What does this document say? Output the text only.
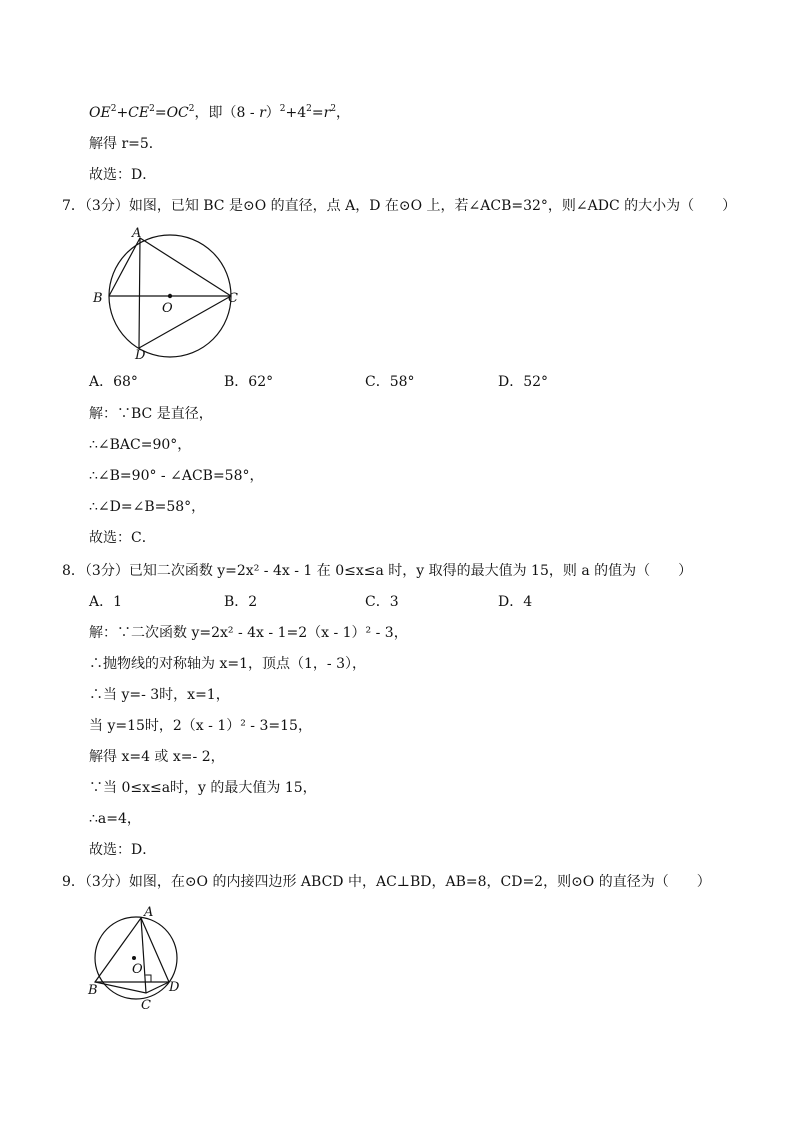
$OE^2+CE^2=OC^2$，即$(8 - r)^2+4^2=r^2$，
解得 r=5．
故选：D．
7．（3分）如图，已知 BC 是⊙O 的直径，点 A，D 在⊙O 上，若∠ACB=32°，则∠ADC 的大小为（　　）
A
B	C
D
O
A．68°	B．62°	C．58°	D．52°
解：∵BC 是直径，
∴∠BAC=90°，
∴∠B=90° - ∠ACB=58°，
∴∠D=∠B=58°，
故选：C．
8．（3分）已知二次函数 y=2x² - 4x - 1 在 0≤x≤a 时，y 取得的最大值为 15，则 a 的值为（　　）
A．1	B．2	C．3	D．4
解：∵二次函数 y=2x² - 4x - 1=2（x - 1）² - 3，
∴抛物线的对称轴为 x=1，顶点（1，- 3），
∴当 y=- 3时，x=1，
当 y=15时，2（x - 1）² - 3=15，
解得 x=4 或 x=- 2，
∵当 0≤x≤a时，y 的最大值为 15，
∴a=4，
故选：D．
9．（3分）如图，在⊙O 的内接四边形 ABCD 中，AC⊥BD，AB=8，CD=2，则⊙O 的直径为（　　）
A
B
C
D
O
